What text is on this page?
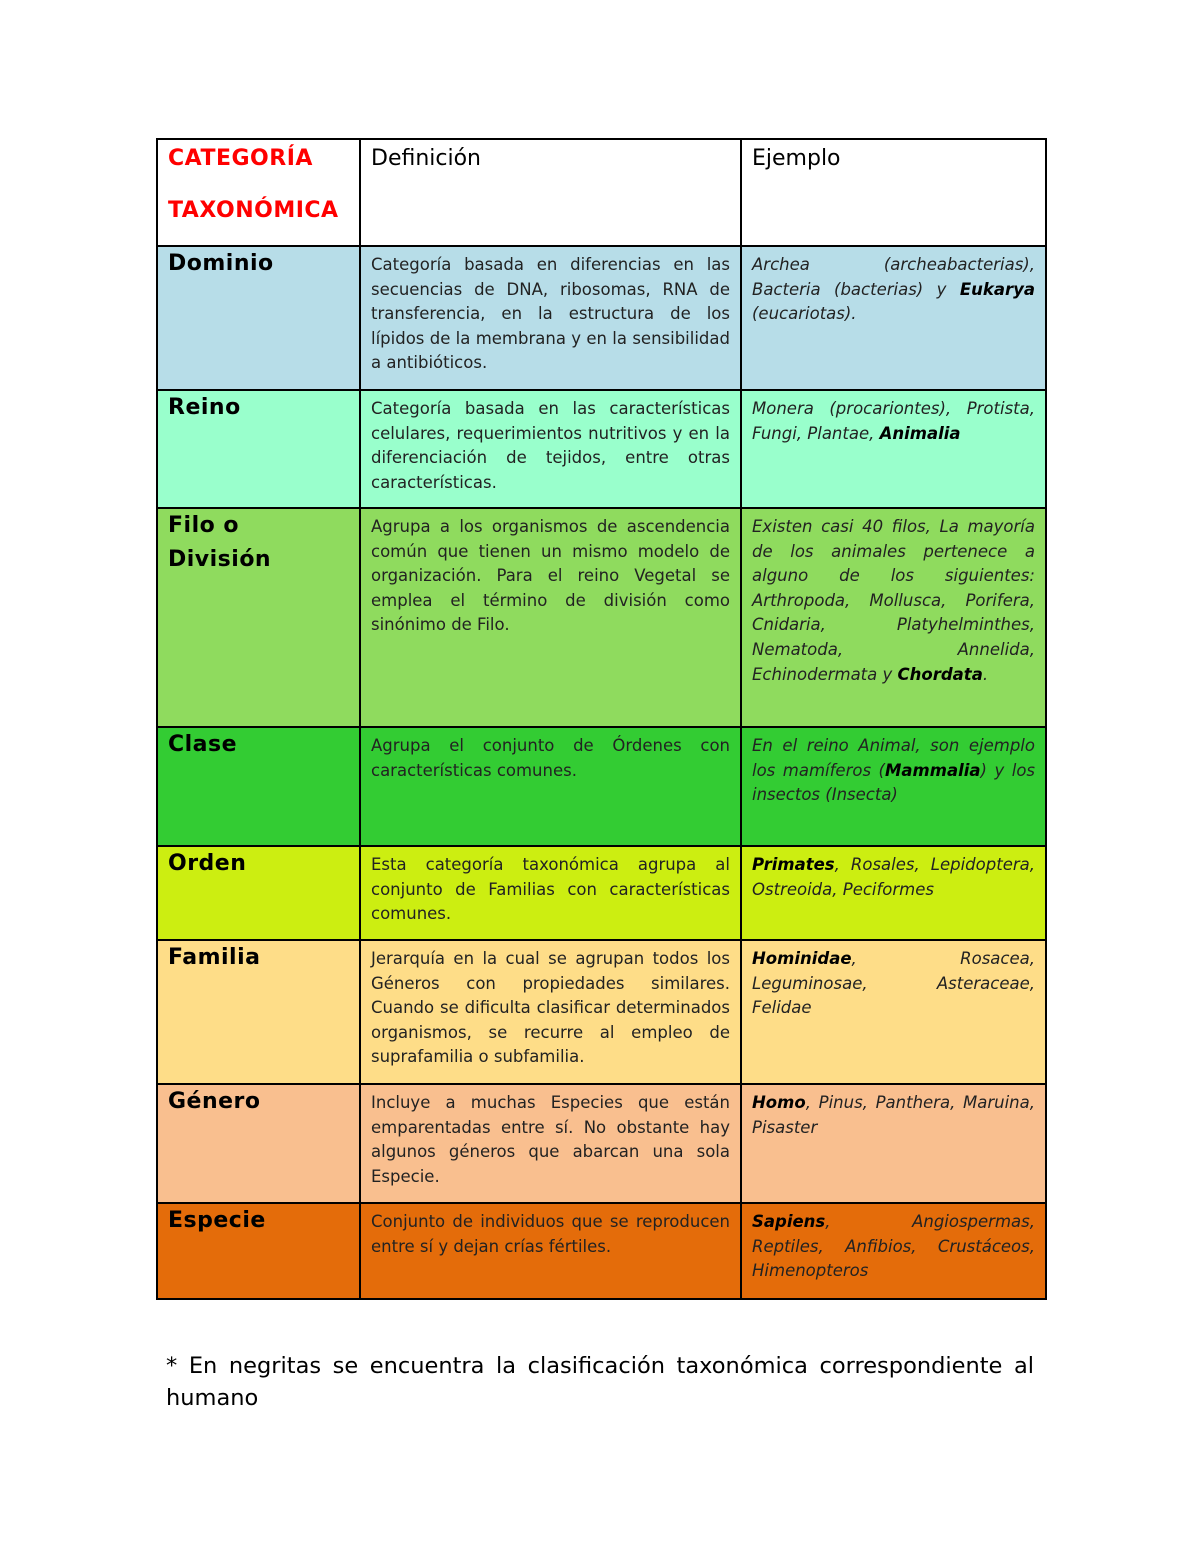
CATEGORÍA
TAXONÓMICA	Definición	Ejemplo
Dominio	Categoría basada en diferencias en las secuencias de DNA, ribosomas, RNA de transferencia, en la estructura de los lípidos de la membrana y en la sensibilidad a antibióticos.	Archea (archeabacterias), Bacteria (bacterias) y Eukarya (eucariotas).
Reino	Categoría basada en las características celulares, requerimientos nutritivos y en la diferenciación de tejidos, entre otras características.	Monera (procariontes), Protista, Fungi, Plantae, Animalia

Filo o
División	Agrupa a los organismos de ascendencia común que tienen un mismo modelo de organización. Para el reino Vegetal se emplea el término de división como sinónimo de Filo.	Existen casi 40 filos, La mayoría de los animales pertenece a alguno de los siguientes: Arthropoda, Mollusca, Porifera, Cnidaria, Platyhelminthes, Nematoda, Annelida, Echinodermata y Chordata.
Clase	Agrupa el conjunto de Órdenes con características comunes.	En el reino Animal, son ejemplo los mamíferos (Mammalia) y los insectos (Insecta)
Orden	Esta categoría taxonómica agrupa al conjunto de Familias con características comunes.	Primates, Rosales, Lepidoptera, Ostreoida, Peciformes
Familia	Jerarquía en la cual se agrupan todos los Géneros con propiedades similares. Cuando se dificulta clasificar determinados organismos, se recurre al empleo de suprafamilia o subfamilia.	Hominidae, Rosacea, Leguminosae, Asteraceae, Felidae
Género	Incluye a muchas Especies que están emparentadas entre sí. No obstante hay algunos géneros que abarcan una sola Especie.	Homo, Pinus, Panthera, Maruina, Pisaster
Especie	Conjunto de individuos que se reproducen entre sí y dejan crías fértiles.	Sapiens, Angiospermas, Reptiles, Anfibios, Crustáceos, Himenopteros
* En negritas se encuentra la clasificación taxonómica correspondiente al humano
